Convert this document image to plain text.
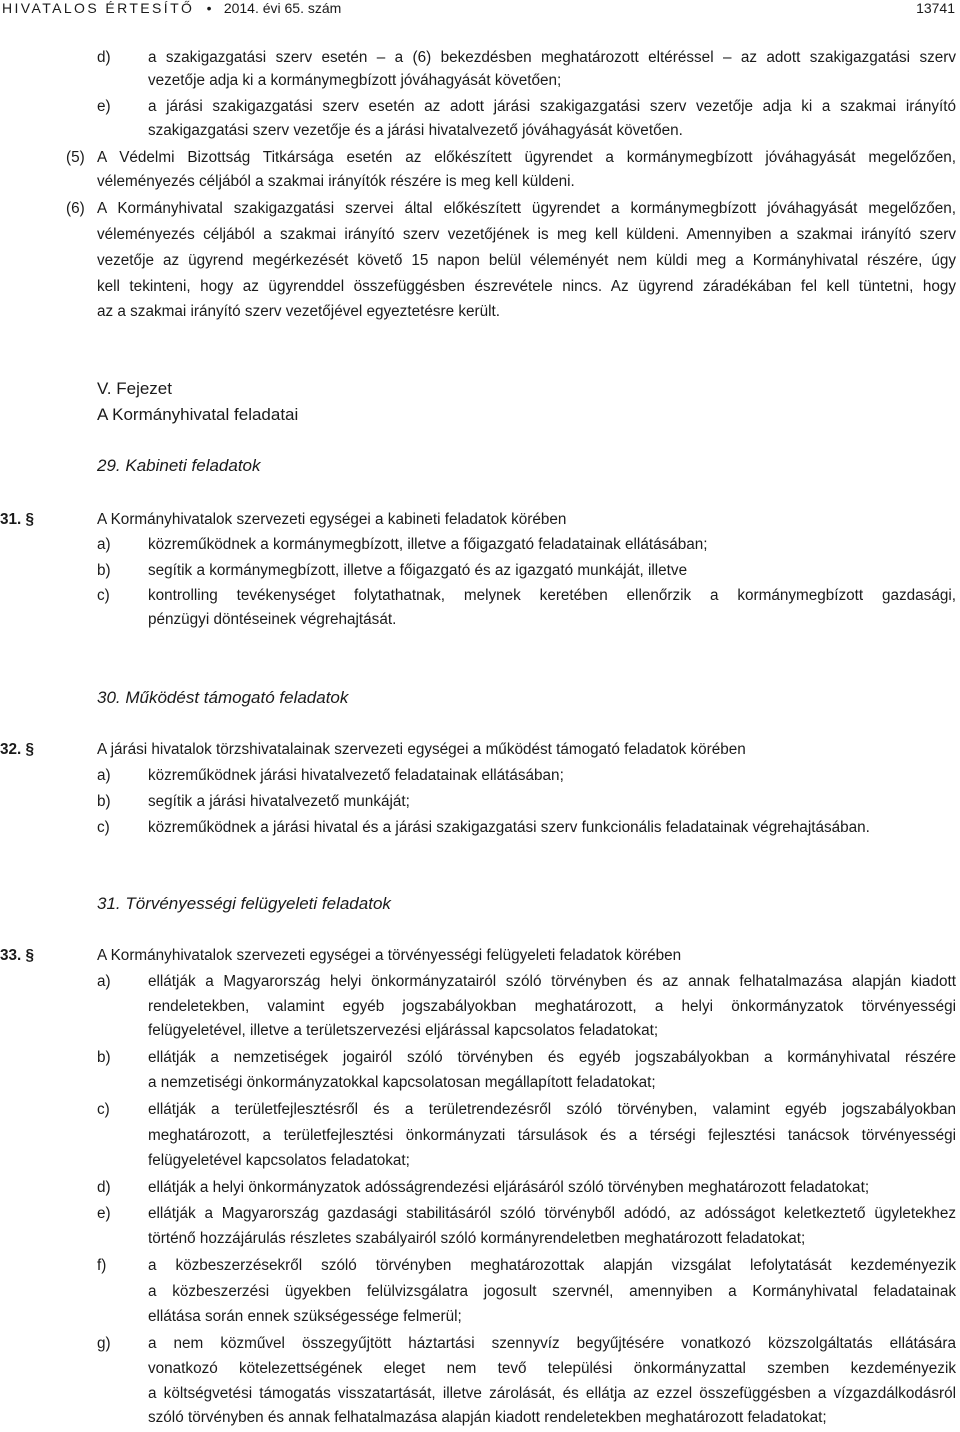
HIVATALOS ÉRTESÍTŐ • 2014. évi 65. szám	13741
d) a szakigazgatási szerv esetén – a (6) bekezdésben meghatározott eltéréssel – az adott szakigazgatási szerv
vezetője adja ki a kormánymegbízott jóváhagyását követően;
e) a járási szakigazgatási szerv esetén az adott járási szakigazgatási szerv vezetője adja ki a szakmai irányító
szakigazgatási szerv vezetője és a járási hivatalvezető jóváhagyását követően.
(5) A Védelmi Bizottság Titkársága esetén az előkészített ügyrendet a kormánymegbízott jóváhagyását megelőzően,
véleményezés céljából a szakmai irányítók részére is meg kell küldeni.
(6) A Kormányhivatal szakigazgatási szervei által előkészített ügyrendet a kormánymegbízott jóváhagyását megelőzően,
véleményezés céljából a szakmai irányító szerv vezetőjének is meg kell küldeni. Amennyiben a szakmai irányító szerv
vezetője az ügyrend megérkezését követő 15 napon belül véleményét nem küldi meg a Kormányhivatal részére, úgy
kell tekinteni, hogy az ügyrenddel összefüggésben észrevétele nincs. Az ügyrend záradékában fel kell tüntetni, hogy
az a szakmai irányító szerv vezetőjével egyeztetésre került.
V. Fejezet
A Kormányhivatal feladatai
29. Kabineti feladatok
31. §	A Kormányhivatalok szervezeti egységei a kabineti feladatok körében
a) közreműködnek a kormánymegbízott, illetve a főigazgató feladatainak ellátásában;
b) segítik a kormánymegbízott, illetve a főigazgató és az igazgató munkáját, illetve
c)	kontrolling tevékenységet folytathatnak, melynek keretében ellenőrzik a kormánymegbízott gazdasági,
pénzügyi döntéseinek végrehajtását.
30. Működést támogató feladatok
32. §	A járási hivatalok törzshivatalainak szervezeti egységei a működést támogató feladatok körében
a) közreműködnek járási hivatalvezető feladatainak ellátásában;
b) segítik a járási hivatalvezető munkáját;
c)	közreműködnek a járási hivatal és a járási szakigazgatási szerv funkcionális feladatainak végrehajtásában.
31. Törvényességi felügyeleti feladatok
33. §	A Kormányhivatalok szervezeti egységei a törvényességi felügyeleti feladatok körében
a) ellátják a Magyarország helyi önkormányzatairól szóló törvényben és az annak felhatalmazása alapján kiadott
rendeletekben, valamint egyéb jogszabályokban meghatározott, a helyi önkormányzatok törvényességi
felügyeletével, illetve a területszervezési eljárással kapcsolatos feladatokat;
b) ellátják a nemzetiségek jogairól szóló törvényben és egyéb jogszabályokban a kormányhivatal részére
a nemzetiségi önkormányzatokkal kapcsolatosan megállapított feladatokat;
c)	ellátják a területfejlesztésről és a területrendezésről szóló törvényben, valamint egyéb jogszabályokban
meghatározott, a területfejlesztési önkormányzati társulások és a térségi fejlesztési tanácsok törvényességi
felügyeletével kapcsolatos feladatokat;
d) ellátják a helyi önkormányzatok adósságrendezési eljárásáról szóló törvényben meghatározott feladatokat;
e) ellátják a Magyarország gazdasági stabilitásáról szóló törvényből adódó, az adósságot keletkeztető ügyletekhez
történő hozzájárulás részletes szabályairól szóló kormányrendeletben meghatározott feladatokat;
f)	a közbeszerzésekről szóló törvényben meghatározottak alapján vizsgálat lefolytatását kezdeményezik
a közbeszerzési ügyekben felülvizsgálatra jogosult szervnél, amennyiben a Kormányhivatal feladatainak
ellátása során ennek szükségessége felmerül;
g) a nem közművel összegyűjtött háztartási szennyvíz begyűjtésére vonatkozó közszolgáltatás ellátására
vonatkozó kötelezettségének eleget nem tevő települési önkormányzattal szemben kezdeményezik
a költségvetési támogatás visszatartását, illetve zárolását, és ellátja az ezzel összefüggésben a vízgazdálkodásról
szóló törvényben és annak felhatalmazása alapján kiadott rendeletekben meghatározott feladatokat;
